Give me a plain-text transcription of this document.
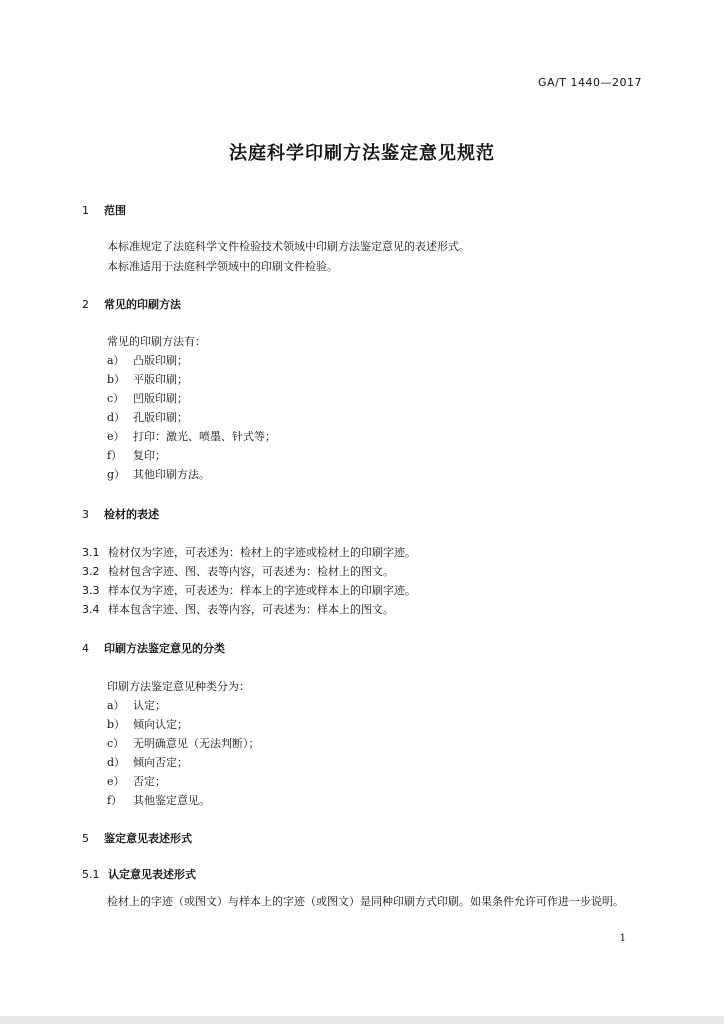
GA/T 1440—2017
法庭科学印刷方法鉴定意见规范
1 范围
本标准规定了法庭科学文件检验技术领域中印刷方法鉴定意见的表述形式。
本标准适用于法庭科学领域中的印刷文件检验。
2 常见的印刷方法
常见的印刷方法有：
a） 凸版印刷；
b） 平版印刷；
c） 凹版印刷；
d） 孔版印刷；
e） 打印：激光、喷墨、针式等；
f） 复印；
g） 其他印刷方法。
3 检材的表述
3.1 检材仅为字迹，可表述为：检材上的字迹或检材上的印刷字迹。
3.2 检材包含字迹、图、表等内容，可表述为：检材上的图文。
3.3 样本仅为字迹，可表述为：样本上的字迹或样本上的印刷字迹。
3.4 样本包含字迹、图、表等内容，可表述为：样本上的图文。
4 印刷方法鉴定意见的分类
印刷方法鉴定意见种类分为：
a） 认定；
b） 倾向认定；
c） 无明确意见（无法判断）；
d） 倾向否定；
e） 否定；
f） 其他鉴定意见。
5 鉴定意见表述形式
5.1 认定意见表述形式
检材上的字迹（或图文）与样本上的字迹（或图文）是同种印刷方式印刷。如果条件允许可作进一步说明。
1
